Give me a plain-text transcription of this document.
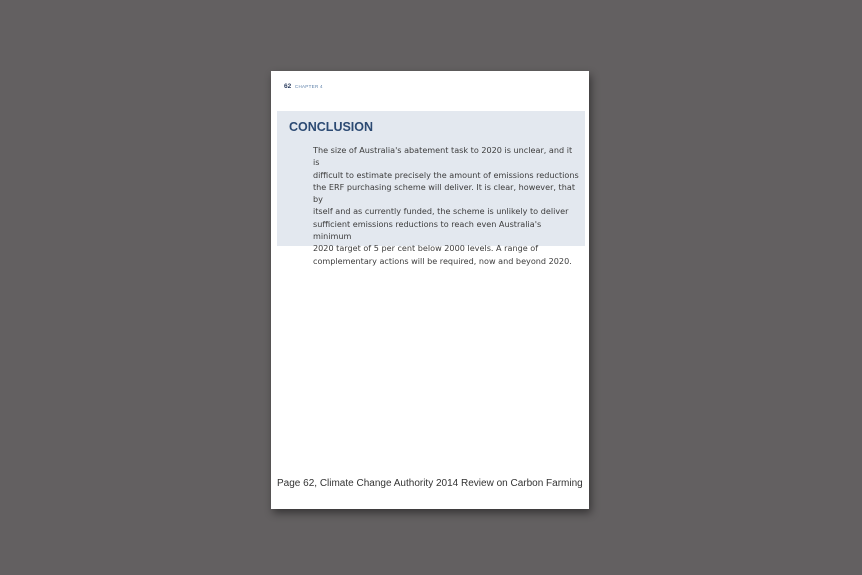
62 CHAPTER 4
CONCLUSION

The size of Australia's abatement task to 2020 is unclear, and it is
difficult to estimate precisely the amount of emissions reductions
the ERF purchasing scheme will deliver. It is clear, however, that by
itself and as currently funded, the scheme is unlikely to deliver
sufficient emissions reductions to reach even Australia's minimum
2020 target of 5 per cent below 2000 levels. A range of
complementary actions will be required, now and beyond 2020.

Page 62, Climate Change Authority 2014 Review on Carbon Farming
